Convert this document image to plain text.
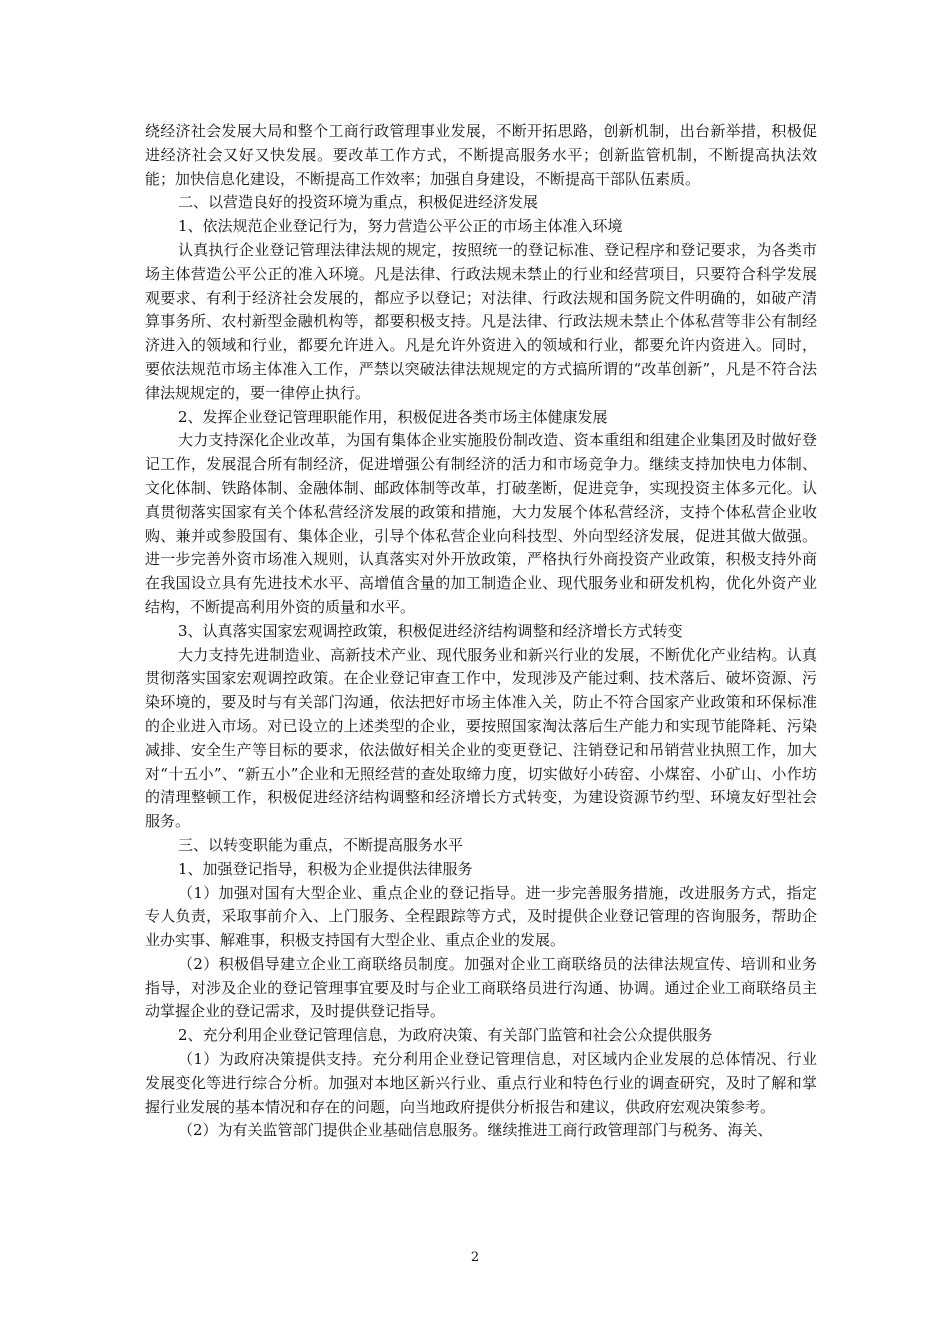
绕经济社会发展大局和整个工商行政管理事业发展，不断开拓思路，创新机制，出台新举措，积极促进经济社会又好又快发展。要改革工作方式，不断提高服务水平；创新监管机制，不断提高执法效能；加快信息化建设，不断提高工作效率；加强自身建设，不断提高干部队伍素质。

二、以营造良好的投资环境为重点，积极促进经济发展

1、依法规范企业登记行为，努力营造公平公正的市场主体准入环境

认真执行企业登记管理法律法规的规定，按照统一的登记标准、登记程序和登记要求，为各类市场主体营造公平公正的准入环境。凡是法律、行政法规未禁止的行业和经营项目，只要符合科学发展观要求、有利于经济社会发展的，都应予以登记；对法律、行政法规和国务院文件明确的，如破产清算事务所、农村新型金融机构等，都要积极支持。凡是法律、行政法规未禁止个体私营等非公有制经济进入的领域和行业，都要允许进入。凡是允许外资进入的领域和行业，都要允许内资进入。同时，要依法规范市场主体准入工作，严禁以突破法律法规规定的方式搞所谓的“改革创新”，凡是不符合法律法规规定的，要一律停止执行。

2、发挥企业登记管理职能作用，积极促进各类市场主体健康发展

大力支持深化企业改革，为国有集体企业实施股份制改造、资本重组和组建企业集团及时做好登记工作，发展混合所有制经济，促进增强公有制经济的活力和市场竞争力。继续支持加快电力体制、文化体制、铁路体制、金融体制、邮政体制等改革，打破垄断，促进竞争，实现投资主体多元化。认真贯彻落实国家有关个体私营经济发展的政策和措施，大力发展个体私营经济，支持个体私营企业收购、兼并或参股国有、集体企业，引导个体私营企业向科技型、外向型经济发展，促进其做大做强。进一步完善外资市场准入规则，认真落实对外开放政策，严格执行外商投资产业政策，积极支持外商在我国设立具有先进技术水平、高增值含量的加工制造企业、现代服务业和研发机构，优化外资产业结构，不断提高利用外资的质量和水平。

3、认真落实国家宏观调控政策，积极促进经济结构调整和经济增长方式转变

大力支持先进制造业、高新技术产业、现代服务业和新兴行业的发展，不断优化产业结构。认真贯彻落实国家宏观调控政策。在企业登记审查工作中，发现涉及产能过剩、技术落后、破坏资源、污染环境的，要及时与有关部门沟通，依法把好市场主体准入关，防止不符合国家产业政策和环保标准的企业进入市场。对已设立的上述类型的企业，要按照国家淘汰落后生产能力和实现节能降耗、污染减排、安全生产等目标的要求，依法做好相关企业的变更登记、注销登记和吊销营业执照工作，加大对“十五小”、“新五小”企业和无照经营的查处取缔力度，切实做好小砖窑、小煤窑、小矿山、小作坊的清理整顿工作，积极促进经济结构调整和经济增长方式转变，为建设资源节约型、环境友好型社会服务。

三、以转变职能为重点，不断提高服务水平

1、加强登记指导，积极为企业提供法律服务

（1）加强对国有大型企业、重点企业的登记指导。进一步完善服务措施，改进服务方式，指定专人负责，采取事前介入、上门服务、全程跟踪等方式，及时提供企业登记管理的咨询服务，帮助企业办实事、解难事，积极支持国有大型企业、重点企业的发展。

（2）积极倡导建立企业工商联络员制度。加强对企业工商联络员的法律法规宣传、培训和业务指导，对涉及企业的登记管理事宜要及时与企业工商联络员进行沟通、协调。通过企业工商联络员主动掌握企业的登记需求，及时提供登记指导。

2、充分利用企业登记管理信息，为政府决策、有关部门监管和社会公众提供服务

（1）为政府决策提供支持。充分利用企业登记管理信息，对区域内企业发展的总体情况、行业发展变化等进行综合分析。加强对本地区新兴行业、重点行业和特色行业的调查研究，及时了解和掌握行业发展的基本情况和存在的问题，向当地政府提供分析报告和建议，供政府宏观决策参考。

（2）为有关监管部门提供企业基础信息服务。继续推进工商行政管理部门与税务、海关、

2
